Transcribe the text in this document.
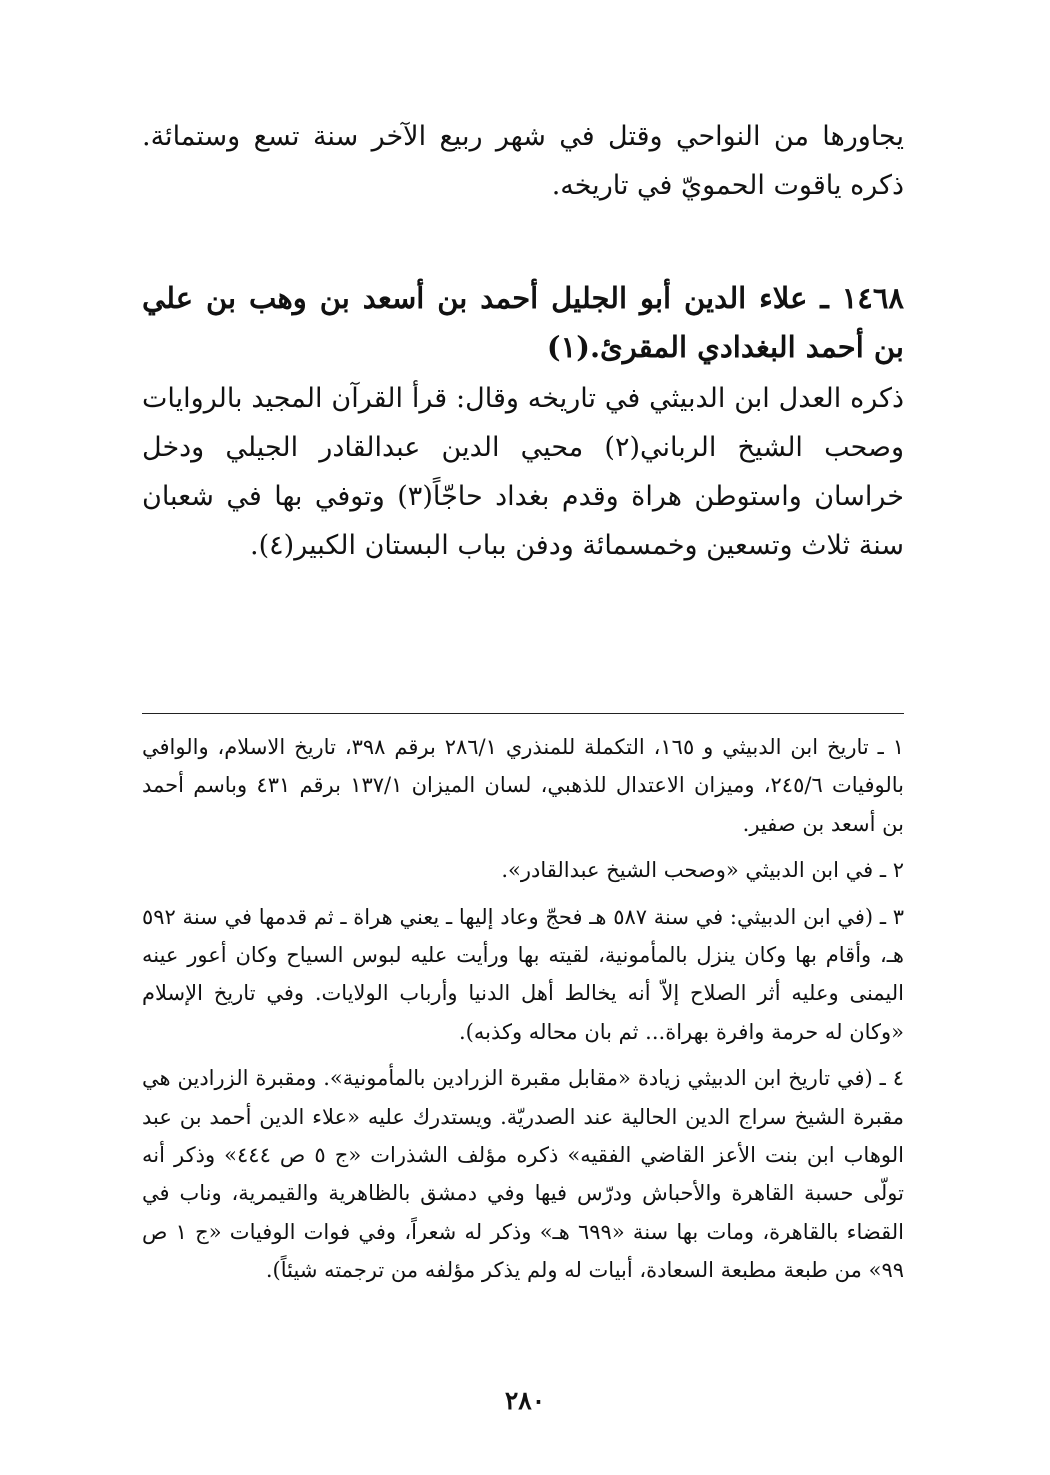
يجاورها من النواحي وقتل في شهر ربيع الآخر سنة تسع وستمائة. ذكره ياقوت الحمويّ في تاريخه.

١٤٦٨ ـ علاء الدين أبو الجليل أحمد بن أسعد بن وهب بن علي بن أحمد البغدادي المقرئ.(١)

ذكره العدل ابن الدبيثي في تاريخه وقال: قرأ القرآن المجيد بالروايات وصحب الشيخ الرباني(٢) محيي الدين عبدالقادر الجيلي ودخل خراسان واستوطن هراة وقدم بغداد حاجّاً(٣) وتوفي بها في شعبان سنة ثلاث وتسعين وخمسمائة ودفن بباب البستان الكبير(٤).

١ ـ تاريخ ابن الدبيثي و ١٦٥، التكملة للمنذري ٢٨٦/١ برقم ٣٩٨، تاريخ الاسلام، والوافي بالوفيات ٢٤٥/٦، وميزان الاعتدال للذهبي، لسان الميزان ١٣٧/١ برقم ٤٣١ وباسم أحمد بن أسعد بن صفير.

٢ ـ في ابن الدبيثي «وصحب الشيخ عبدالقادر».

٣ ـ (في ابن الدبيثي: في سنة ٥٨٧ هـ فحجّ وعاد إليها ـ يعني هراة ـ ثم قدمها في سنة ٥٩٢ هـ، وأقام بها وكان ينزل بالمأمونية، لقيته بها ورأيت عليه لبوس السياح وكان أعور عينه اليمنى وعليه أثر الصلاح إلاّ أنه يخالط أهل الدنيا وأرباب الولايات. وفي تاريخ الإسلام «وكان له حرمة وافرة بهراة... ثم بان محاله وكذبه).

٤ ـ (في تاريخ ابن الدبيثي زيادة «مقابل مقبرة الزرادين بالمأمونية». ومقبرة الزرادين هي مقبرة الشيخ سراج الدين الحالية عند الصدريّة. ويستدرك عليه «علاء الدين أحمد بن عبد الوهاب ابن بنت الأعز القاضي الفقيه» ذكره مؤلف الشذرات «ج ٥ ص ٤٤٤» وذكر أنه تولّى حسبة القاهرة والأحباش ودرّس فيها وفي دمشق بالظاهرية والقيمرية، وناب في القضاء بالقاهرة، ومات بها سنة «٦٩٩ هـ» وذكر له شعراً، وفي فوات الوفيات «ج ١ ص ٩٩» من طبعة مطبعة السعادة، أبيات له ولم يذكر مؤلفه من ترجمته شيئاً).

٢٨٠
